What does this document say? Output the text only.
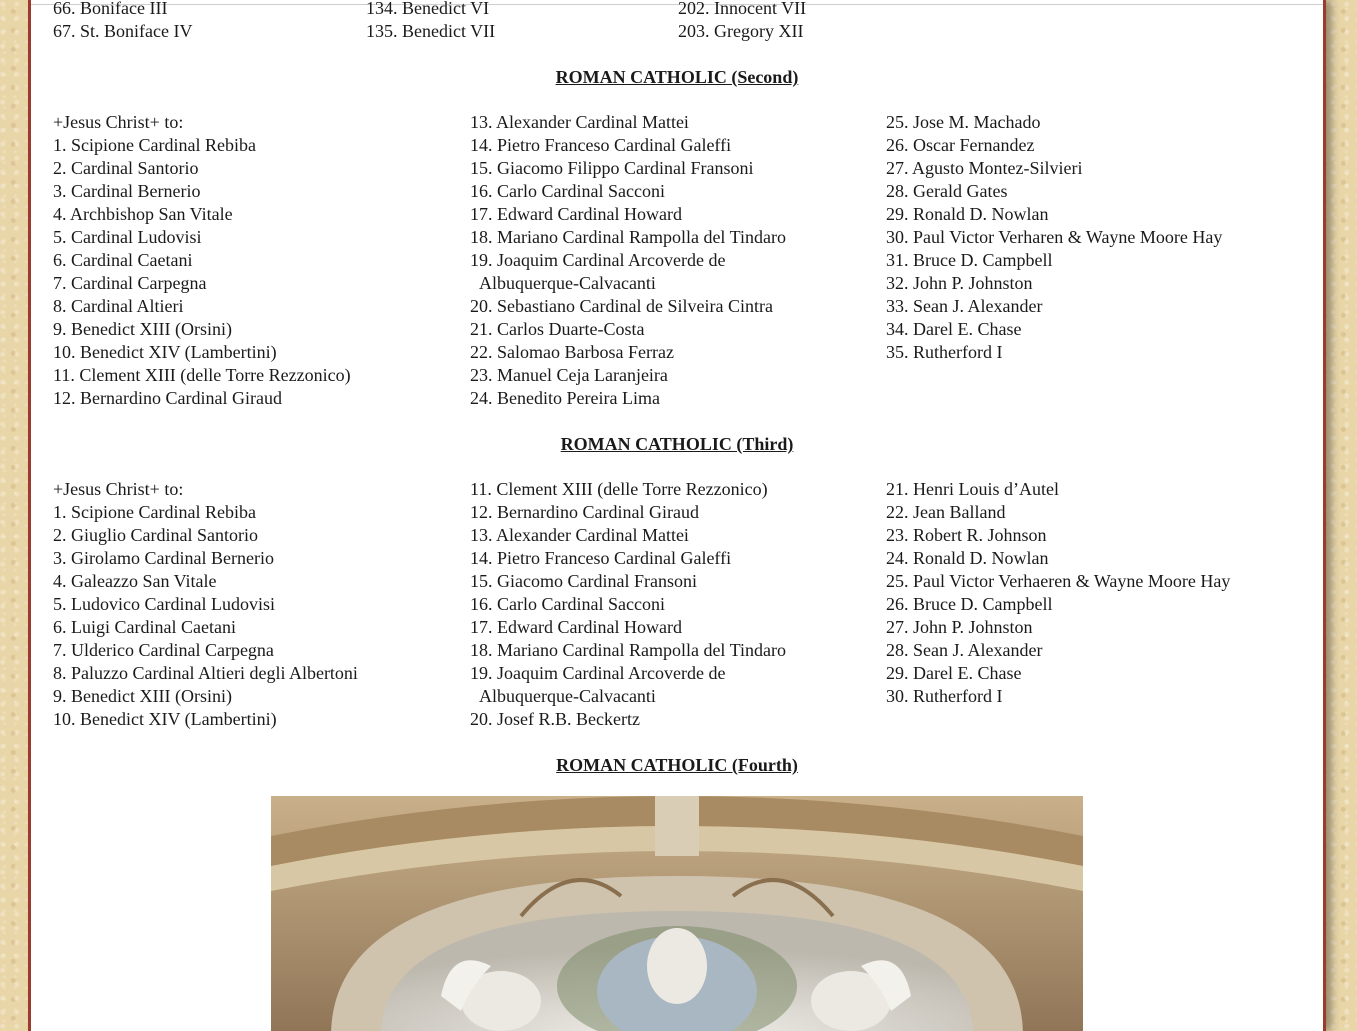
66. Boniface III
67. St. Boniface IV
134. Benedict VI
135. Benedict VII
202. Innocent VII
203. Gregory XII
ROMAN CATHOLIC (Second)
+Jesus Christ+ to:
1. Scipione Cardinal Rebiba
2. Cardinal Santorio
3. Cardinal Bernerio
4. Archbishop San Vitale
5. Cardinal Ludovisi
6. Cardinal Caetani
7. Cardinal Carpegna
8. Cardinal Altieri
9. Benedict XIII (Orsini)
10. Benedict XIV (Lambertini)
11. Clement XIII (delle Torre Rezzonico)
12. Bernardino Cardinal Giraud
13. Alexander Cardinal Mattei
14. Pietro Franceso Cardinal Galeffi
15. Giacomo Filippo Cardinal Fransoni
16. Carlo Cardinal Sacconi
17. Edward Cardinal Howard
18. Mariano Cardinal Rampolla del Tindaro
19. Joaquim Cardinal Arcoverde de
Albuquerque-Calvacanti
20. Sebastiano Cardinal de Silveira Cintra
21. Carlos Duarte-Costa
22. Salomao Barbosa Ferraz
23. Manuel Ceja Laranjeira
24. Benedito Pereira Lima
25. Jose M. Machado
26. Oscar Fernandez
27. Agusto Montez-Silvieri
28. Gerald Gates
29. Ronald D. Nowlan
30. Paul Victor Verharen & Wayne Moore Hay
31. Bruce D. Campbell
32. John P. Johnston
33. Sean J. Alexander
34. Darel E. Chase
35. Rutherford I
ROMAN CATHOLIC (Third)
+Jesus Christ+ to:
1. Scipione Cardinal Rebiba
2. Giuglio Cardinal Santorio
3. Girolamo Cardinal Bernerio
4. Galeazzo San Vitale
5. Ludovico Cardinal Ludovisi
6. Luigi Cardinal Caetani
7. Ulderico Cardinal Carpegna
8. Paluzzo Cardinal Altieri degli Albertoni
9. Benedict XIII (Orsini)
10. Benedict XIV (Lambertini)
11. Clement XIII (delle Torre Rezzonico)
12. Bernardino Cardinal Giraud
13. Alexander Cardinal Mattei
14. Pietro Franceso Cardinal Galeffi
15. Giacomo Cardinal Fransoni
16. Carlo Cardinal Sacconi
17. Edward Cardinal Howard
18. Mariano Cardinal Rampolla del Tindaro
19. Joaquim Cardinal Arcoverde de
Albuquerque-Calvacanti
20. Josef R.B. Beckertz
21. Henri Louis d’Autel
22. Jean Balland
23. Robert R. Johnson
24. Ronald D. Nowlan
25. Paul Victor Verhaeren & Wayne Moore Hay
26. Bruce D. Campbell
27. John P. Johnston
28. Sean J. Alexander
29. Darel E. Chase
30. Rutherford I
ROMAN CATHOLIC (Fourth)
